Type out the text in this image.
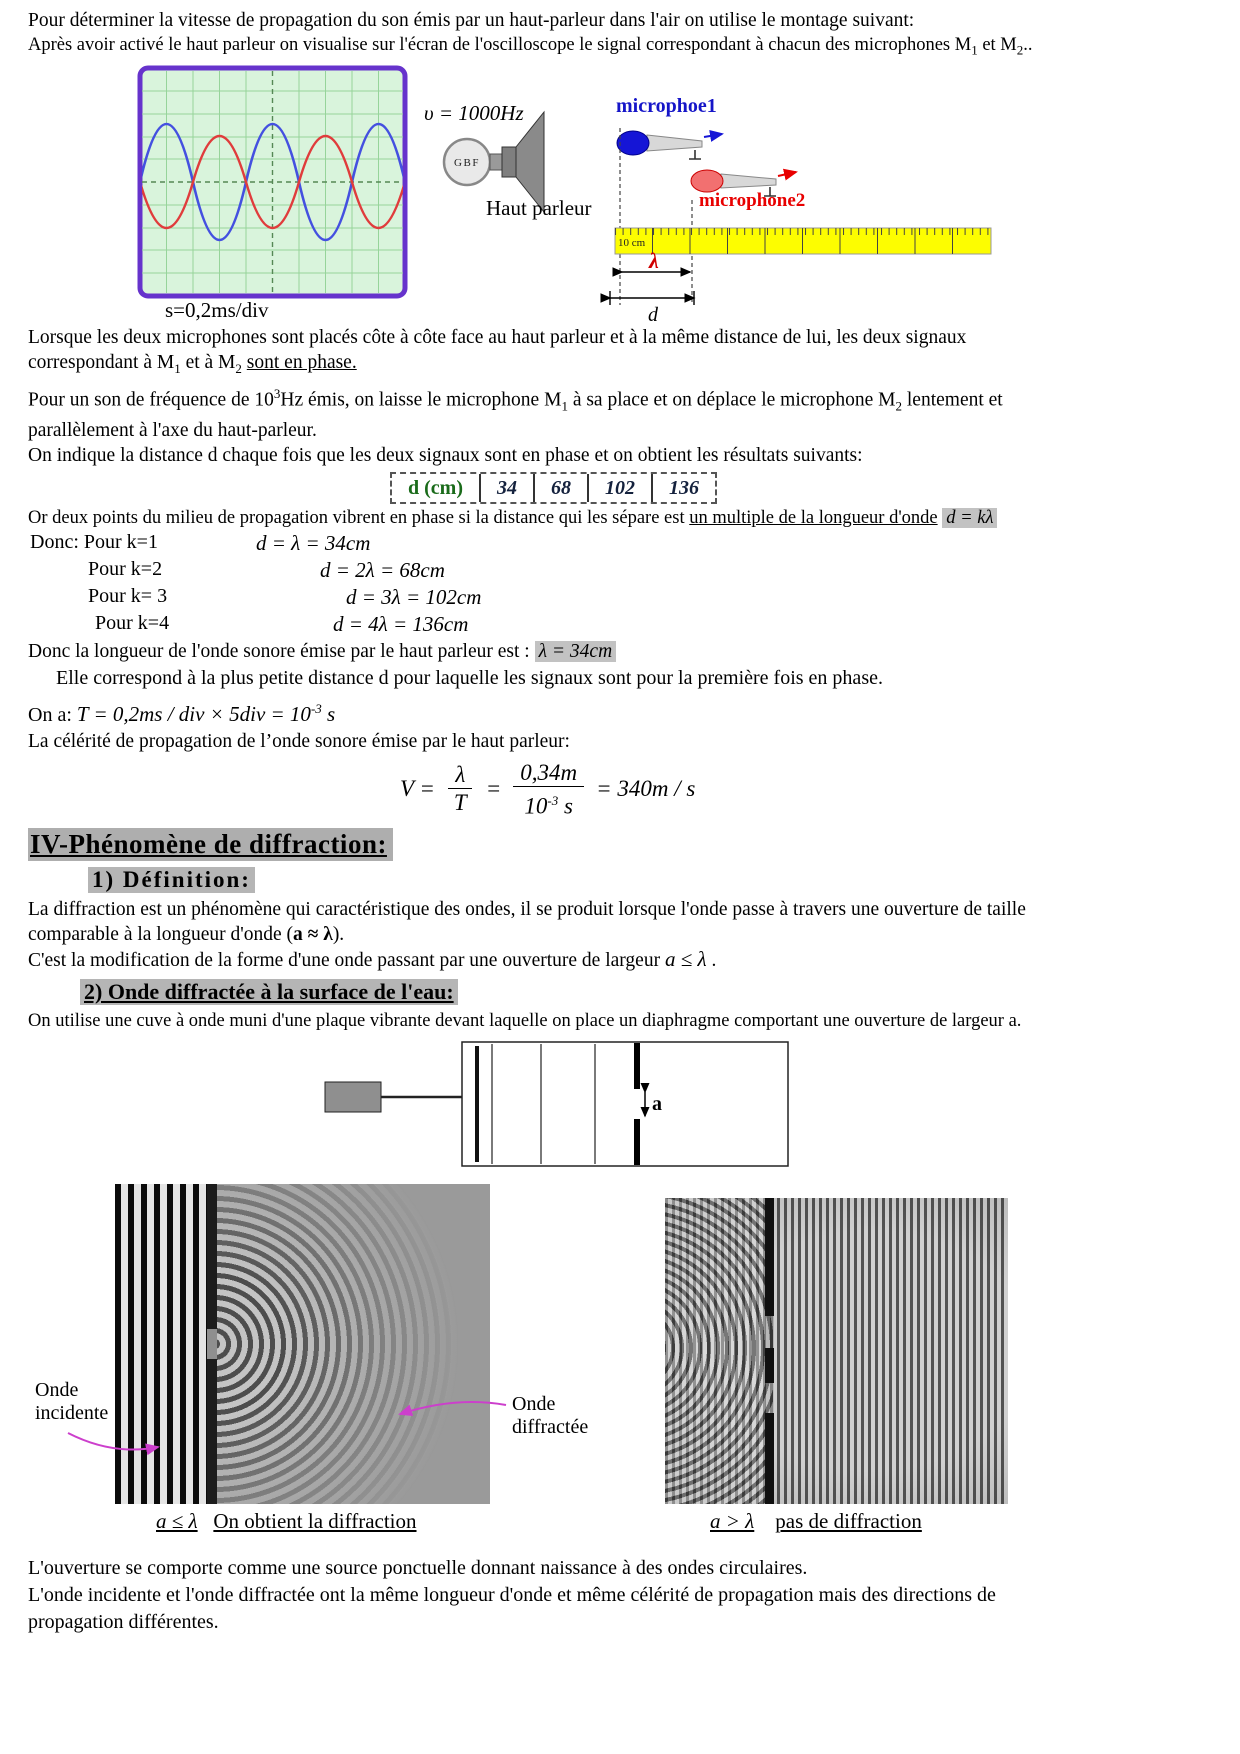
Pour déterminer la vitesse de propagation du son émis par un haut-parleur dans l'air on utilise le montage suivant:
Après avoir activé le haut parleur on visualise sur l'écran de l'oscilloscope le signal correspondant à chacun des microphones $M_1$ et $M_2$..
s=0,2ms/div
υ = 1000Hz
GBF
Haut parleur
microphoe1
microphone2
10 cm
λ
d
Lorsque les deux microphones sont placés côte à côte face au haut parleur et à la même distance de lui, les deux signaux
correspondant à $M_1$ et à $M_2$ sont en phase.
Pour un son de fréquence de $10^3Hz$ émis, on laisse le microphone $M_1$ à sa place et on déplace le microphone $M_2$ lentement et
parallèlement à l'axe du haut-parleur.
On indique la distance d chaque fois que les deux signaux sont en phase et on obtient les résultats suivants:
d (cm)	34	68	102	136
Or deux points du milieu de propagation vibrent en phase si la distance qui les sépare est un multiple de la longueur d'onde d = kλ
Donc: Pour k=1	d = λ = 34cm
Pour k=2	d = 2λ = 68cm
Pour k= 3	d = 3λ = 102cm
Pour k=4	d = 4λ = 136cm
Donc la longueur de l'onde sonore émise par le haut parleur est : λ = 34cm
Elle correspond à la plus petite distance d pour laquelle les signaux sont pour la première fois en phase.
On a: T = 0,2ms / div × $5div = 10^{-3}$ s
La célérité de propagation de l’onde sonore émise par le haut parleur:
$V = \frac{\lambda}{T} = \frac{0,34m}{10^{-3} s} = 340m / s$
IV-Phénomène de diffraction:
1) Définition:
La diffraction est un phénomène qui caractéristique des ondes, il se produit lorsque l'onde passe à travers une ouverture de taille
comparable à la longueur d'onde (a ≈ λ).
C'est la modification de la forme d'une onde passant par une ouverture de largeur a ≤ λ .
2) Onde diffractée à la surface de l'eau:
On utilise une cuve à onde muni d'une plaque vibrante devant laquelle on place un diaphragme comportant une ouverture de largeur a.
a
Onde
incidente	Onde
diffractée
a ≤ λ On obtient la diffraction	a > λ pas de diffraction
L'ouverture se comporte comme une source ponctuelle donnant naissance à des ondes circulaires.
L'onde incidente et l'onde diffractée ont la même longueur d'onde et même célérité de propagation mais des directions de
propagation différentes.
